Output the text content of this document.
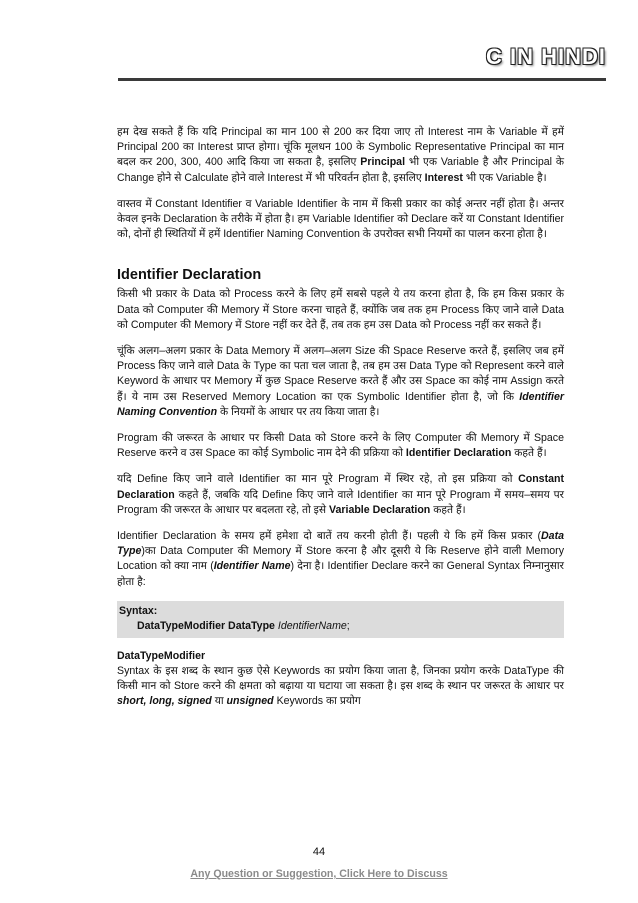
C IN HINDI

हम देख सकते हैं कि यदि Principal का मान 100 से 200 कर दिया जाए तो Interest नाम के Variable में हमें Principal 200 का Interest प्राप्त होगा। चूंकि मूलधन 100 के Symbolic Representative Principal का मान बदल कर 200, 300, 400 आदि किया जा सकता है, इसलिए Principal भी एक Variable है और Principal के Change होने से Calculate होने वाले Interest में भी परिवर्तन होता है, इसलिए Interest भी एक Variable है।

वास्तव में Constant Identifier व Variable Identifier के नाम में किसी प्रकार का कोई अन्तर नहीं होता है। अन्तर केवल इनके Declaration के तरीके में होता है। हम Variable Identifier को Declare करें या Constant Identifier को, दोनों ही स्थितियों में हमें Identifier Naming Convention के उपरोक्त सभी नियमों का पालन करना होता है।

Identifier Declaration

किसी भी प्रकार के Data को Process करने के लिए हमें सबसे पहले ये तय करना होता है, कि हम किस प्रकार के Data को Computer की Memory में Store करना चाहते हैं, क्योंकि जब तक हम Process किए जाने वाले Data को Computer की Memory में Store नहीं कर देते हैं, तब तक हम उस Data को Process नहीं कर सकते हैं।

चूंकि अलग–अलग प्रकार के Data Memory में अलग–अलग Size की Space Reserve करते हैं, इसलिए जब हमें Process किए जाने वाले Data के Type का पता चल जाता है, तब हम उस Data Type को Represent करने वाले Keyword के आधार पर Memory में कुछ Space Reserve करते हैं और उस Space का कोई नाम Assign करते हैं। ये नाम उस Reserved Memory Location का एक Symbolic Identifier होता है, जो कि Identifier Naming Convention के नियमों के आधार पर तय किया जाता है।

Program की जरूरत के आधार पर किसी Data को Store करने के लिए Computer की Memory में Space Reserve करने व उस Space का कोई Symbolic नाम देने की प्रक्रिया को Identifier Declaration कहते हैं।

यदि Define किए जाने वाले Identifier का मान पूरे Program में स्थिर रहे, तो इस प्रक्रिया को Constant Declaration कहते हैं, जबकि यदि Define किए जाने वाले Identifier का मान पूरे Program में समय–समय पर Program की जरूरत के आधार पर बदलता रहे, तो इसे Variable Declaration कहते हैं।

Identifier Declaration के समय हमें हमेशा दो बातें तय करनी होती हैं। पहली ये कि हमें किस प्रकार (Data Type)का Data Computer की Memory में Store करना है और दूसरी ये कि Reserve होने वाली Memory Location को क्या नाम (Identifier Name) देना है। Identifier Declare करने का General Syntax निम्नानुसार होता है:

Syntax:
DataTypeModifier DataType IdentifierName;
DataTypeModifier

Syntax के इस शब्द के स्थान कुछ ऐसे Keywords का प्रयोग किया जाता है, जिनका प्रयोग करके DataType की किसी मान को Store करने की क्षमता को बढ़ाया या घटाया जा सकता है। इस शब्द के स्थान पर जरूरत के आधार पर short, long, signed या unsigned Keywords का प्रयोग

44
Any Question or Suggestion, Click Here to Discuss
